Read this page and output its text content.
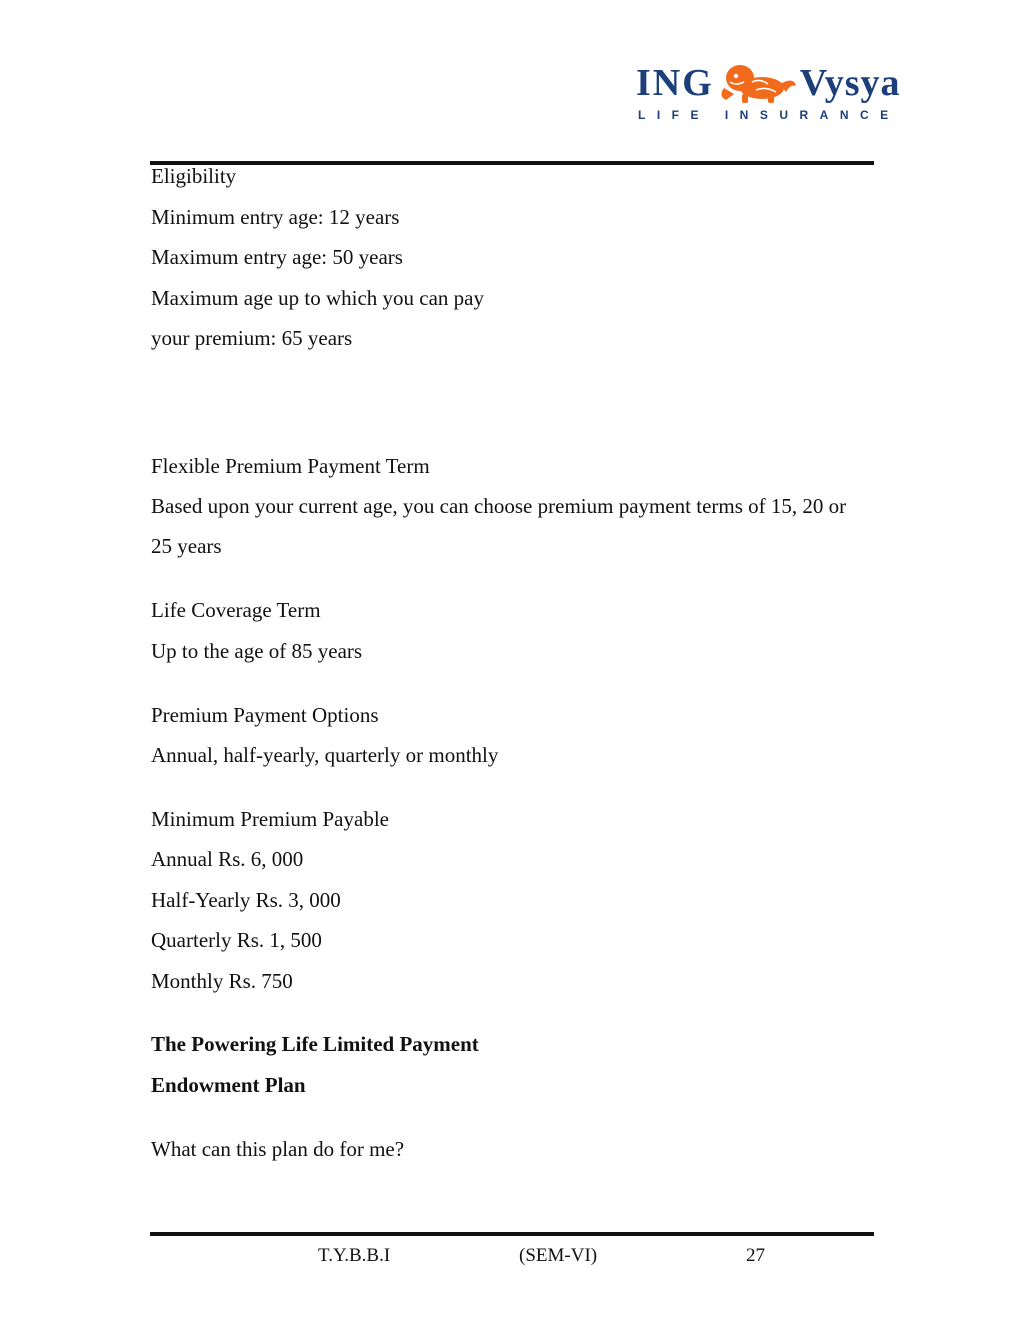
ING Vysya
LIFE INSURANCE
Eligibility
Minimum entry age: 12 years
Maximum entry age: 50 years
Maximum age up to which you can pay
your premium: 65 years
Flexible Premium Payment Term
Based upon your current age, you can choose premium payment terms of 15, 20 or
25 years
Life Coverage Term
Up to the age of 85 years
Premium Payment Options
Annual, half-yearly, quarterly or monthly
Minimum Premium Payable
Annual Rs. 6, 000
Half-Yearly Rs. 3, 000
Quarterly Rs. 1, 500
Monthly Rs. 750
The Powering Life Limited Payment
Endowment Plan
What can this plan do for me?
T.Y.B.B.I	(SEM-VI)	27
